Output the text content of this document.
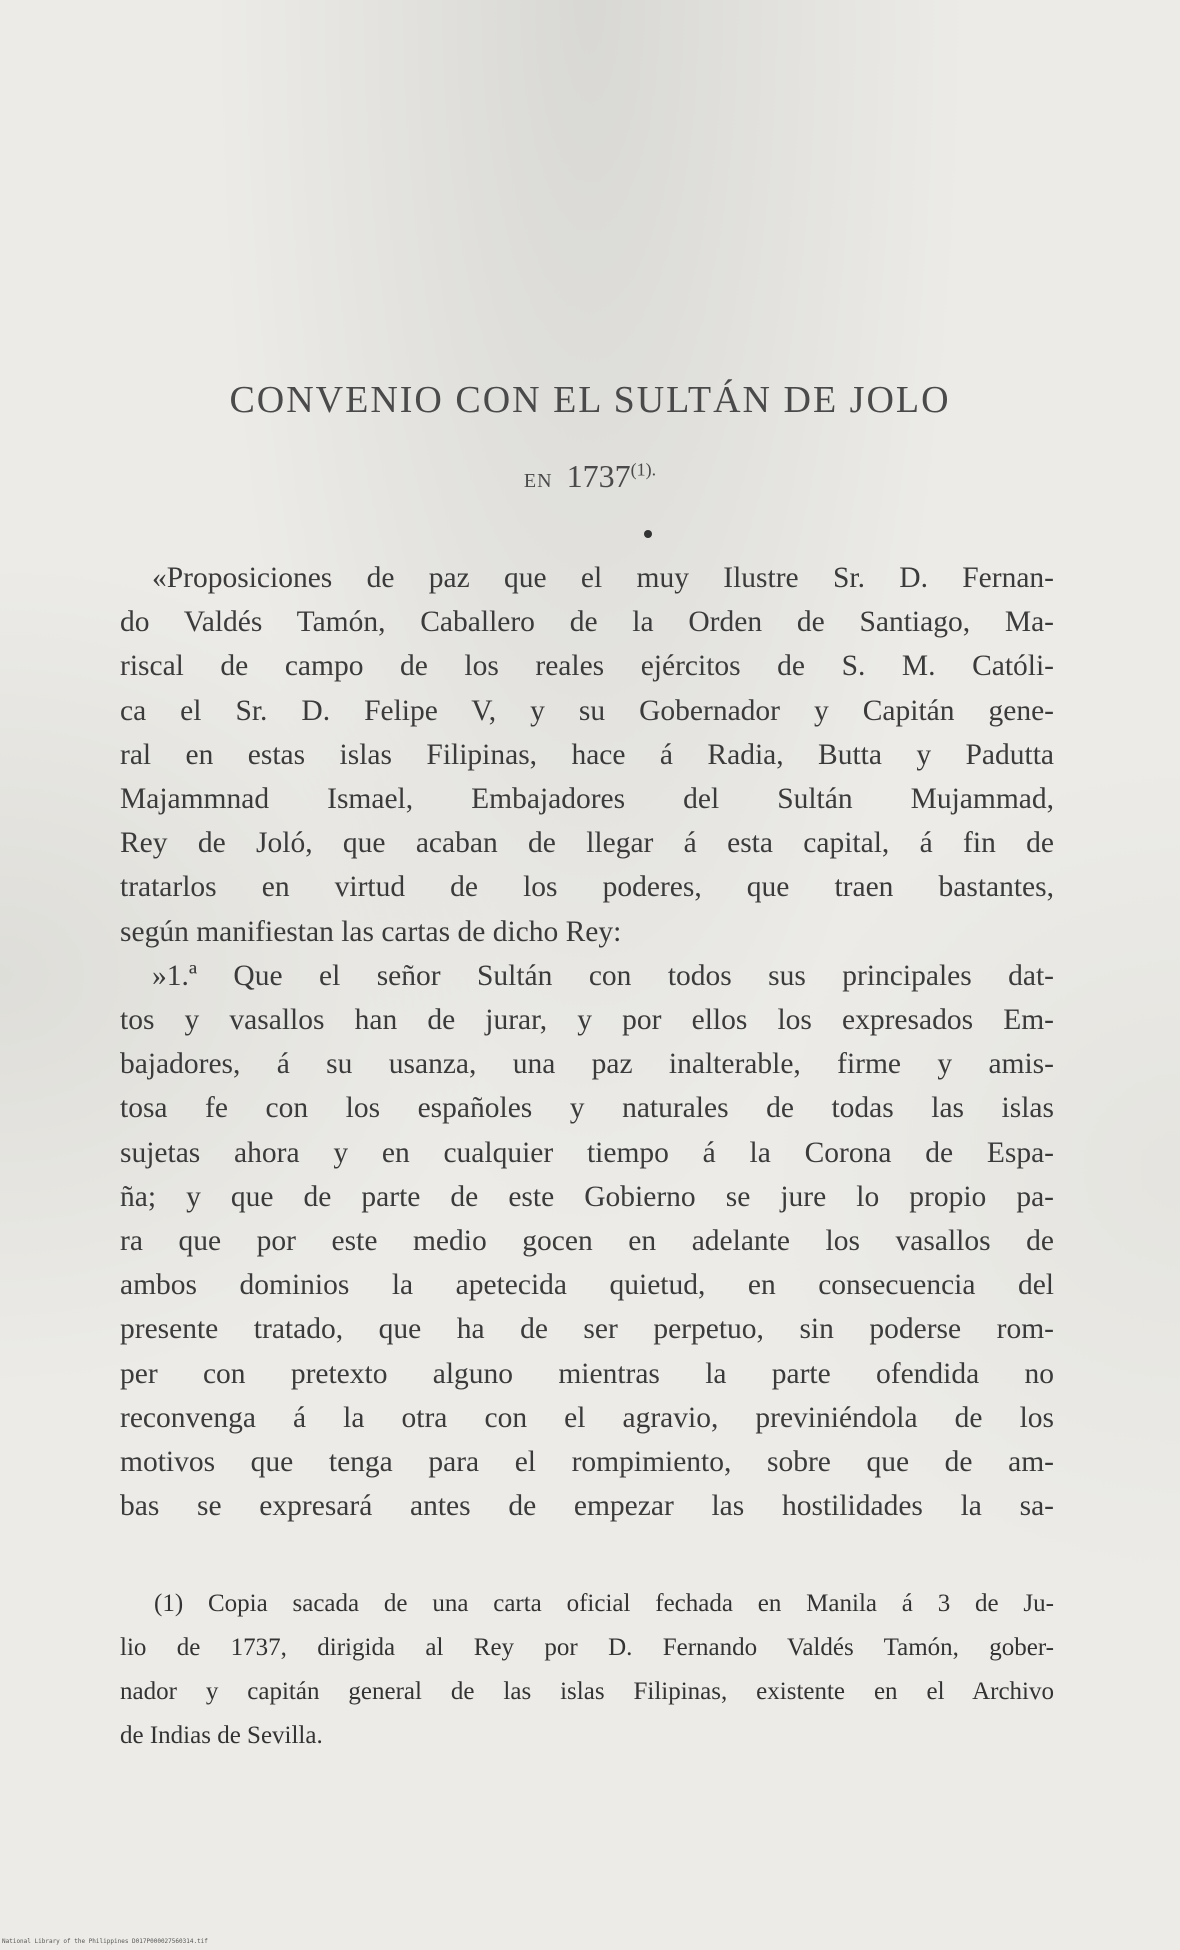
CONVENIO CON EL SULTÁN DE JOLO

EN $1737^{(1).}$

«Proposiciones de paz que el muy Ilustre Sr. D. Fernan-
do Valdés Tamón, Caballero de la Orden de Santiago, Ma-
riscal de campo de los reales ejércitos de S. M. Católi-
ca el Sr. D. Felipe V, y su Gobernador y Capitán gene-
ral en estas islas Filipinas, hace á Radia, Butta y Padutta
Majammnad Ismael, Embajadores del Sultán Mujammad,
Rey de Joló, que acaban de llegar á esta capital, á fin de
tratarlos en virtud de los poderes, que traen bastantes,
según manifiestan las cartas de dicho Rey:
»1.ª Que el señor Sultán con todos sus principales dat-
tos y vasallos han de jurar, y por ellos los expresados Em-
bajadores, á su usanza, una paz inalterable, firme y amis-
tosa fe con los españoles y naturales de todas las islas
sujetas ahora y en cualquier tiempo á la Corona de Espa-
ña; y que de parte de este Gobierno se jure lo propio pa-
ra que por este medio gocen en adelante los vasallos de
ambos dominios la apetecida quietud, en consecuencia del
presente tratado, que ha de ser perpetuo, sin poderse rom-
per con pretexto alguno mientras la parte ofendida no
reconvenga á la otra con el agravio, previniéndola de los
motivos que tenga para el rompimiento, sobre que de am-
bas se expresará antes de empezar las hostilidades la sa-
(1) Copia sacada de una carta oficial fechada en Manila á 3 de Ju-
lio de 1737, dirigida al Rey por D. Fernando Valdés Tamón, gober-
nador y capitán general de las islas Filipinas, existente en el Archivo
de Indias de Sevilla.
National Library of the Philippines D017P000027560314.tif
